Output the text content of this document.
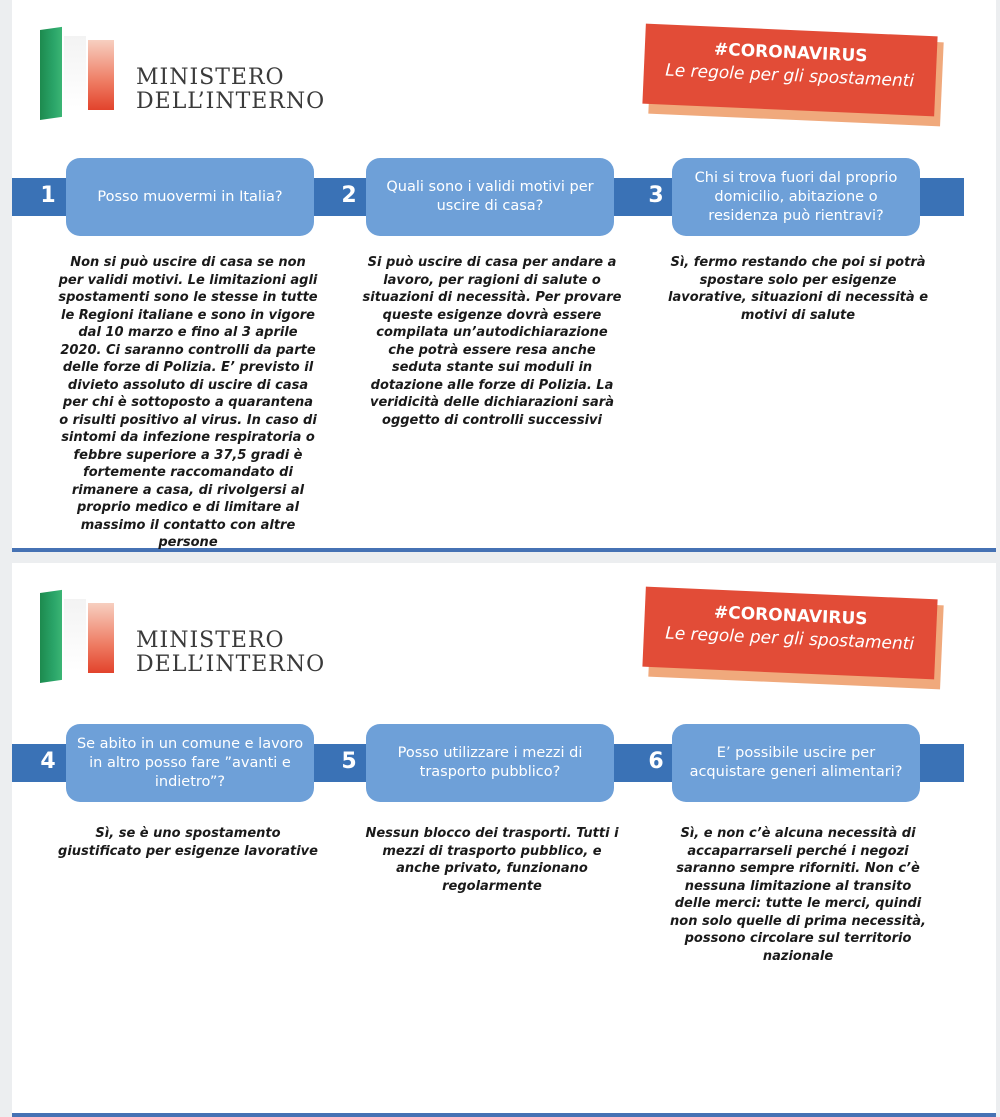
MINISTERO
DELL’INTERNO
#CORONAVIRUS
Le regole per gli spostamenti
1	Posso muovermi in Italia?
Non si può uscire di casa se non per validi motivi. Le limitazioni agli spostamenti sono le stesse in tutte le Regioni italiane e sono in vigore dal 10 marzo e fino al 3 aprile 2020. Ci saranno controlli da parte delle forze di Polizia. E’ previsto il divieto assoluto di uscire di casa per chi è sottoposto a quarantena o risulti positivo al virus. In caso di sintomi da infezione respiratoria o febbre superiore a 37,5 gradi è fortemente raccomandato di rimanere a casa, di rivolgersi al proprio medico e di limitare al massimo il contatto con altre persone
2	Quali sono i validi motivi per uscire di casa?
Si può uscire di casa per andare a lavoro, per ragioni di salute o situazioni di necessità. Per provare queste esigenze dovrà essere compilata un’autodichiarazione che potrà essere resa anche seduta stante sui moduli in dotazione alle forze di Polizia. La veridicità delle dichiarazioni sarà oggetto di controlli successivi
3
Chi si trova fuori dal proprio domicilio, abitazione o residenza può rientravi?
Sì, fermo restando che poi si potrà spostare solo per esigenze lavorative, situazioni di necessità e motivi di salute
MINISTERO
DELL’INTERNO
#CORONAVIRUS
Le regole per gli spostamenti
4
Se abito in un comune e lavoro in altro posso fare ”avanti e indietro”?
Sì, se è uno spostamento giustificato per esigenze lavorative
5	Posso utilizzare i mezzi di trasporto pubblico?
Nessun blocco dei trasporti. Tutti i mezzi di trasporto pubblico, e anche privato, funzionano regolarmente
6	E’ possibile uscire per acquistare generi alimentari?
Sì, e non c’è alcuna necessità di accaparrarseli perché i negozi saranno sempre riforniti. Non c’è nessuna limitazione al transito delle merci: tutte le merci, quindi non solo quelle di prima necessità, possono circolare sul territorio nazionale
